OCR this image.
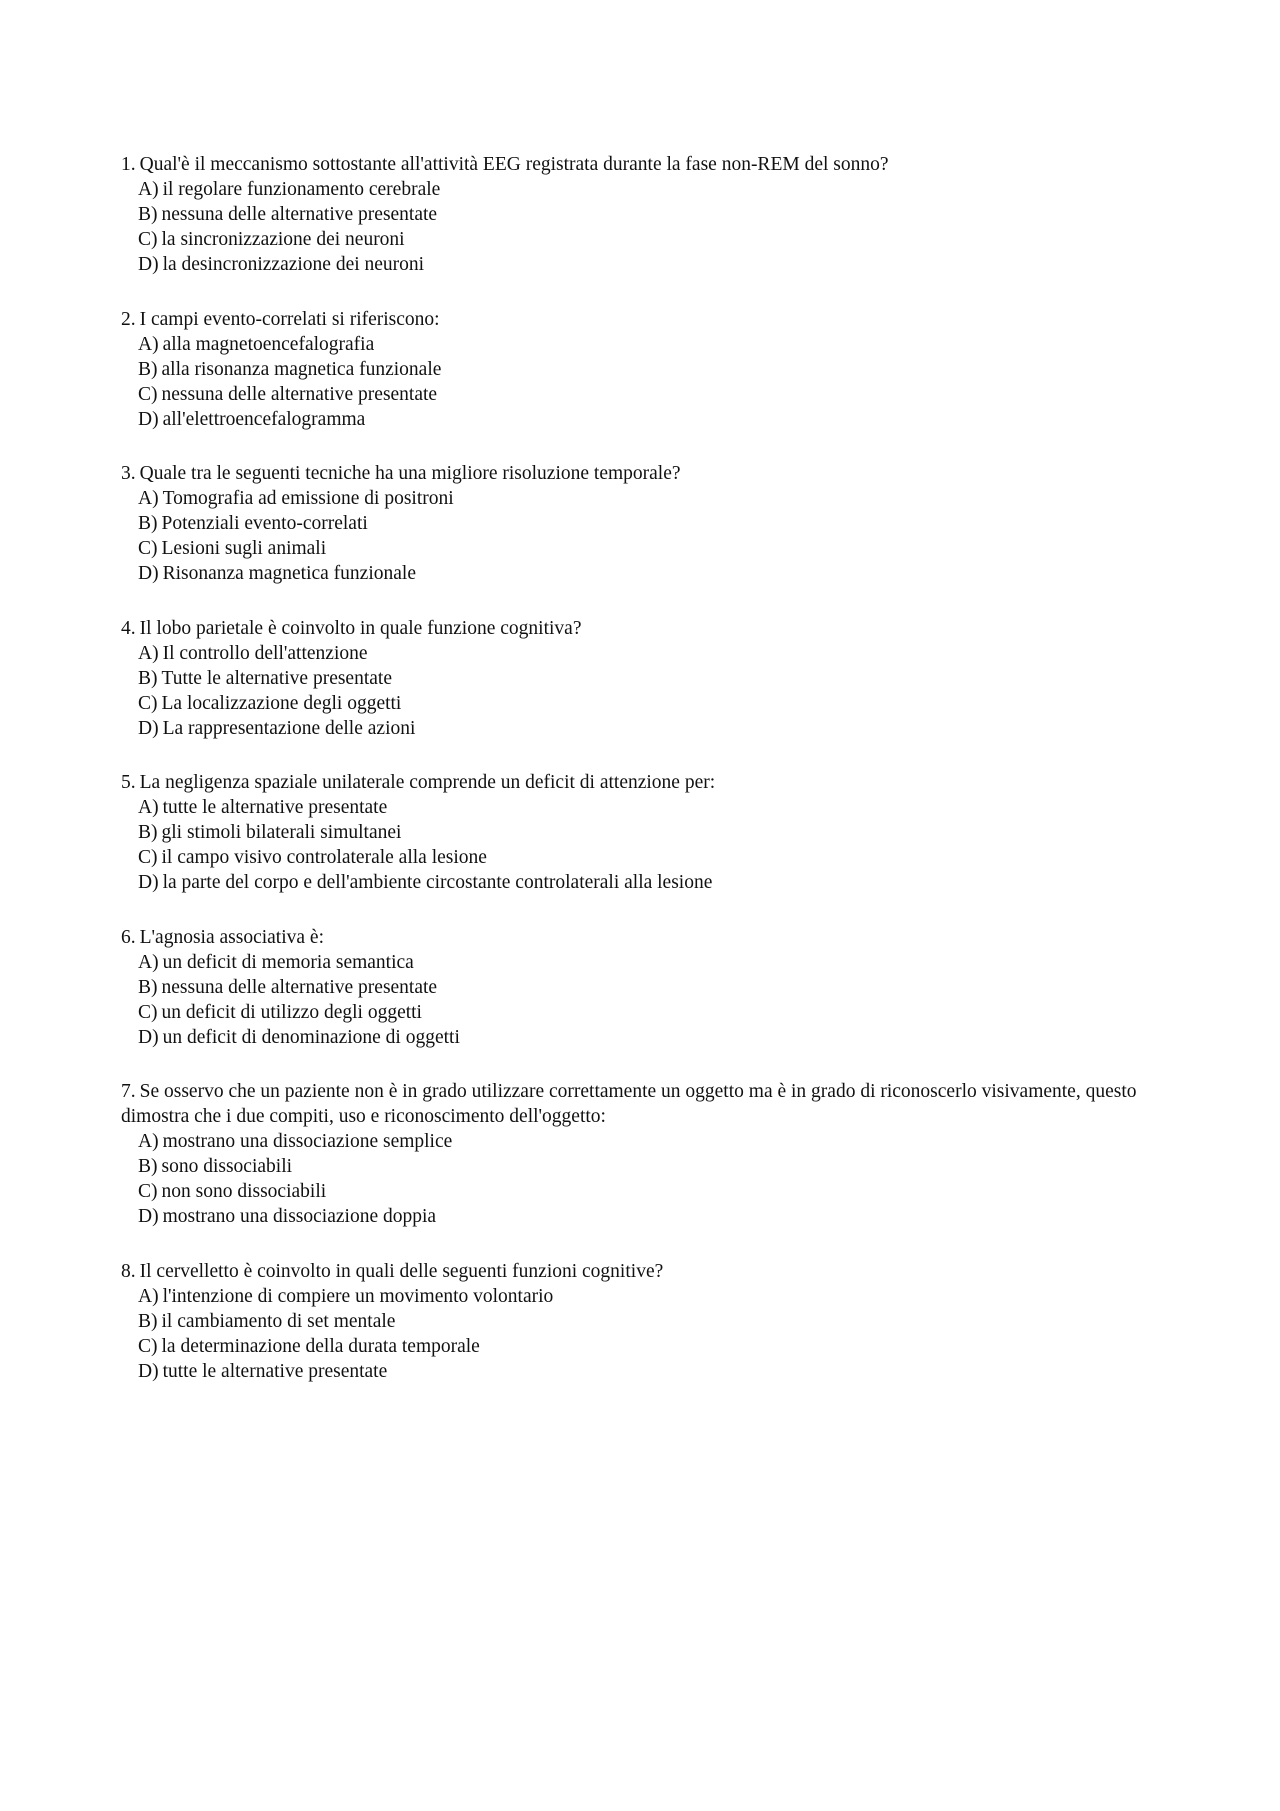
1. Qual'è il meccanismo sottostante all'attività EEG registrata durante la fase non-REM del sonno?

A) il regolare funzionamento cerebrale
B) nessuna delle alternative presentate
C) la sincronizzazione dei neuroni
D) la desincronizzazione dei neuroni

2. I campi evento-correlati si riferiscono:

A) alla magnetoencefalografia
B) alla risonanza magnetica funzionale
C) nessuna delle alternative presentate
D) all'elettroencefalogramma

3. Quale tra le seguenti tecniche ha una migliore risoluzione temporale?

A) Tomografia ad emissione di positroni
B) Potenziali evento-correlati
C) Lesioni sugli animali
D) Risonanza magnetica funzionale

4. Il lobo parietale è coinvolto in quale funzione cognitiva?

A) Il controllo dell'attenzione
B) Tutte le alternative presentate
C) La localizzazione degli oggetti
D) La rappresentazione delle azioni

5. La negligenza spaziale unilaterale comprende un deficit di attenzione per:

A) tutte le alternative presentate
B) gli stimoli bilaterali simultanei
C) il campo visivo controlaterale alla lesione
D) la parte del corpo e dell'ambiente circostante controlaterali alla lesione

6. L'agnosia associativa è:

A) un deficit di memoria semantica
B) nessuna delle alternative presentate
C) un deficit di utilizzo degli oggetti
D) un deficit di denominazione di oggetti

7. Se osservo che un paziente non è in grado utilizzare correttamente un oggetto ma è in grado di riconoscerlo visivamente, questo dimostra che i due compiti, uso e riconoscimento dell'oggetto:

A) mostrano una dissociazione semplice
B) sono dissociabili
C) non sono dissociabili
D) mostrano una dissociazione doppia

8. Il cervelletto è coinvolto in quali delle seguenti funzioni cognitive?

A) l'intenzione di compiere un movimento volontario
B) il cambiamento di set mentale
C) la determinazione della durata temporale
D) tutte le alternative presentate
